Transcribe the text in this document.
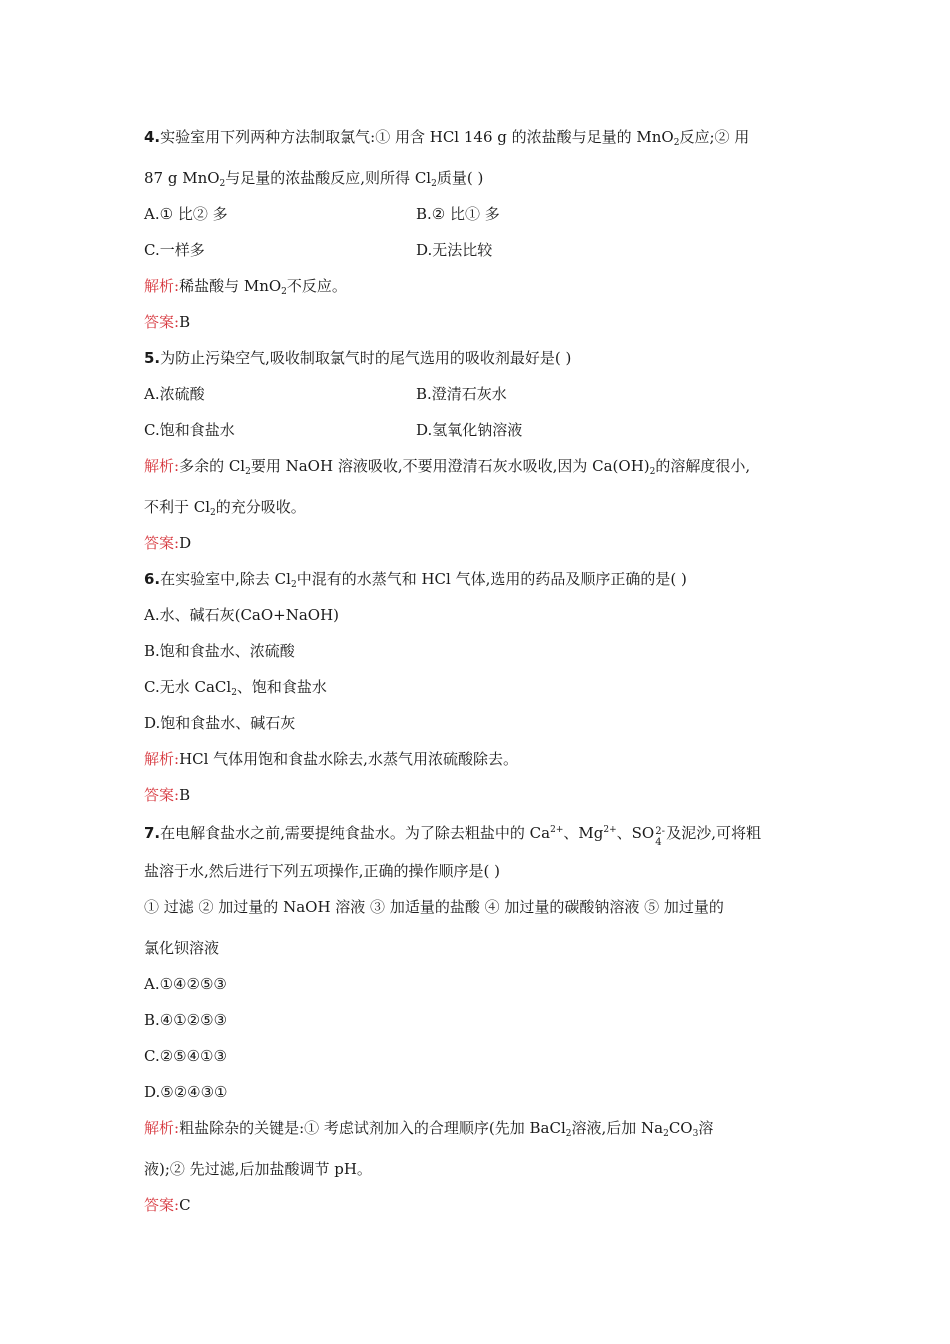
4.实验室用下列两种方法制取氯气:① 用含 HCl 146 g 的浓盐酸与足量的 MnO$_2$反应;② 用
87 g MnO$_2$与足量的浓盐酸反应,则所得 $Cl_2$质量( )
A.① 比② 多	B.② 比① 多
C.一样多	D.无法比较
解析:稀盐酸与 MnO$_2$不反应。
答案:B
5.为防止污染空气,吸收制取氯气时的尾气选用的吸收剂最好是( )
A.浓硫酸	B.澄清石灰水
C.饱和食盐水	D.氢氧化钠溶液
解析:多余的 $Cl_2$要用 NaOH 溶液吸收,不要用澄清石灰水吸收,因为 $Ca(OH)_2$的溶解度很小,
不利于 $Cl_2$的充分吸收。
答案:D
6.在实验室中,除去 $Cl_2$中混有的水蒸气和 HCl 气体,选用的药品及顺序正确的是( )
A.水、碱石灰(CaO+NaOH)
B.饱和食盐水、浓硫酸
C.无水 CaCl$_2$、饱和食盐水
D.饱和食盐水、碱石灰
解析:HCl 气体用饱和食盐水除去,水蒸气用浓硫酸除去。
答案:B
7.在电解食盐水之前,需要提纯食盐水。为了除去粗盐中的 $Ca^{2+}$、$Mg^{2+}$、SO 2-
4
及泥沙,可将粗
盐溶于水,然后进行下列五项操作,正确的操作顺序是( )
① 过滤 ② 加过量的 NaOH 溶液 ③ 加适量的盐酸 ④ 加过量的碳酸钠溶液 ⑤ 加过量的
氯化钡溶液
A.①④②⑤③
B.④①②⑤③
C.②⑤④①③
D.⑤②④③①
解析:粗盐除杂的关键是:① 考虑试剂加入的合理顺序(先加 BaCl$_2$溶液,后加 $Na_2CO_3$溶
液);② 先过滤,后加盐酸调节 pH。
答案:C
